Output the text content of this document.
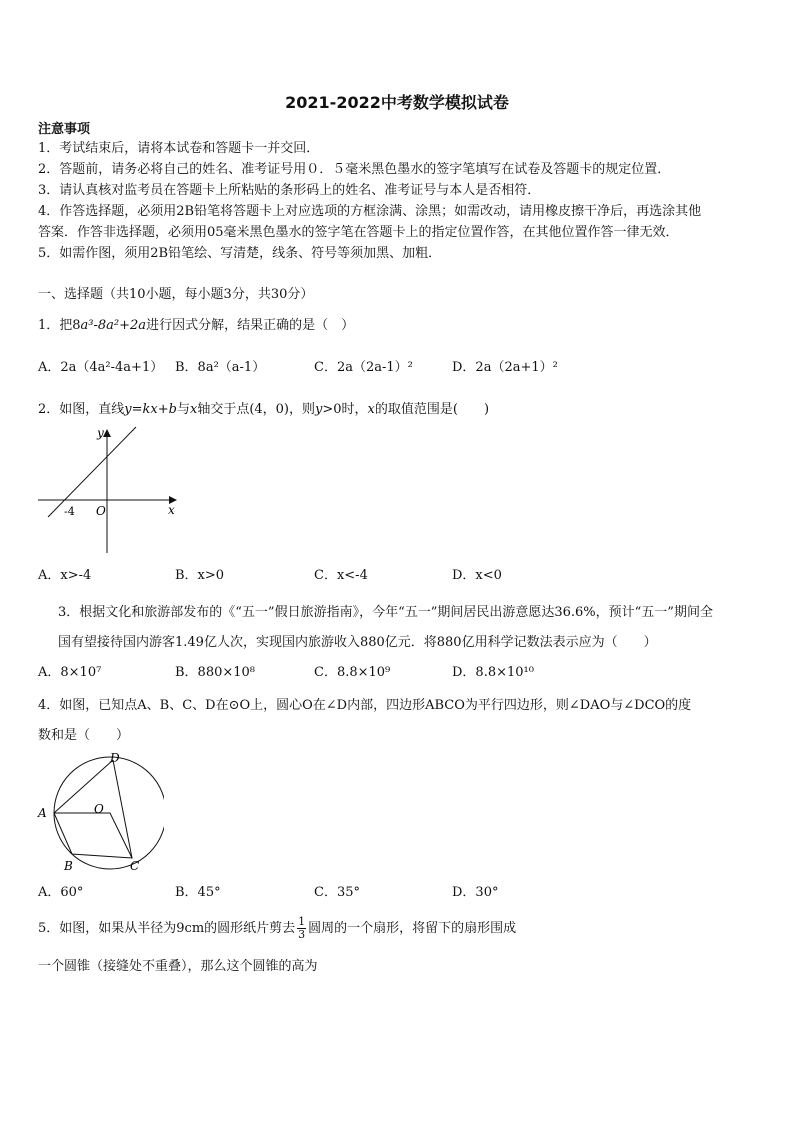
2021-2022中考数学模拟试卷
注意事项
1．考试结束后，请将本试卷和答题卡一并交回．
2．答题前，请务必将自己的姓名、准考证号用０．５毫米黑色墨水的签字笔填写在试卷及答题卡的规定位置．
3．请认真核对监考员在答题卡上所粘贴的条形码上的姓名、准考证号与本人是否相符．
4．作答选择题，必须用2B铅笔将答题卡上对应选项的方框涂满、涂黑；如需改动，请用橡皮擦干净后，再选涂其他
答案．作答非选择题，必须用05毫米黑色墨水的签字笔在答题卡上的指定位置作答，在其他位置作答一律无效．
5．如需作图，须用2B铅笔绘、写清楚，线条、符号等须加黑、加粗．
一、选择题（共10小题，每小题3分，共30分）
1．把8a³-8a²+2a进行因式分解，结果正确的是（　）
A．2a（4a²-4a+1） B．8a²（a-1）	C．2a（2a-1）²	D．2a（2a+1）²
2．如图，直线y=kx+b与x轴交于点(4，0)，则y>0时，x的取值范围是(　　)
y
x
O
-4
A．x>-4	B．x>0	C．x<-4	D．x<0
3．根据文化和旅游部发布的《“五一”假日旅游指南》，今年“五一”期间居民出游意愿达36.6%，预计“五一”期间全
国有望接待国内游客1.49亿人次，实现国内旅游收入880亿元．将880亿用科学记数法表示应为（　　）
A．8×10⁷	B．880×10⁸	C．8.8×10⁹	D．8.8×10¹⁰
4．如图，已知点A、B、C、D在⊙O上，圆心O在∠D内部，四边形ABCO为平行四边形，则∠DAO与∠DCO的度
数和是（　　）
D
A	O
B	C
A．60°	B．45°	C．35°	D．30°
5．如图，如果从半径为9cm的圆形纸片剪去 $\frac{1}{3}$ 圆周的一个扇形，将留下的扇形围成
一个圆锥（接缝处不重叠），那么这个圆锥的高为
